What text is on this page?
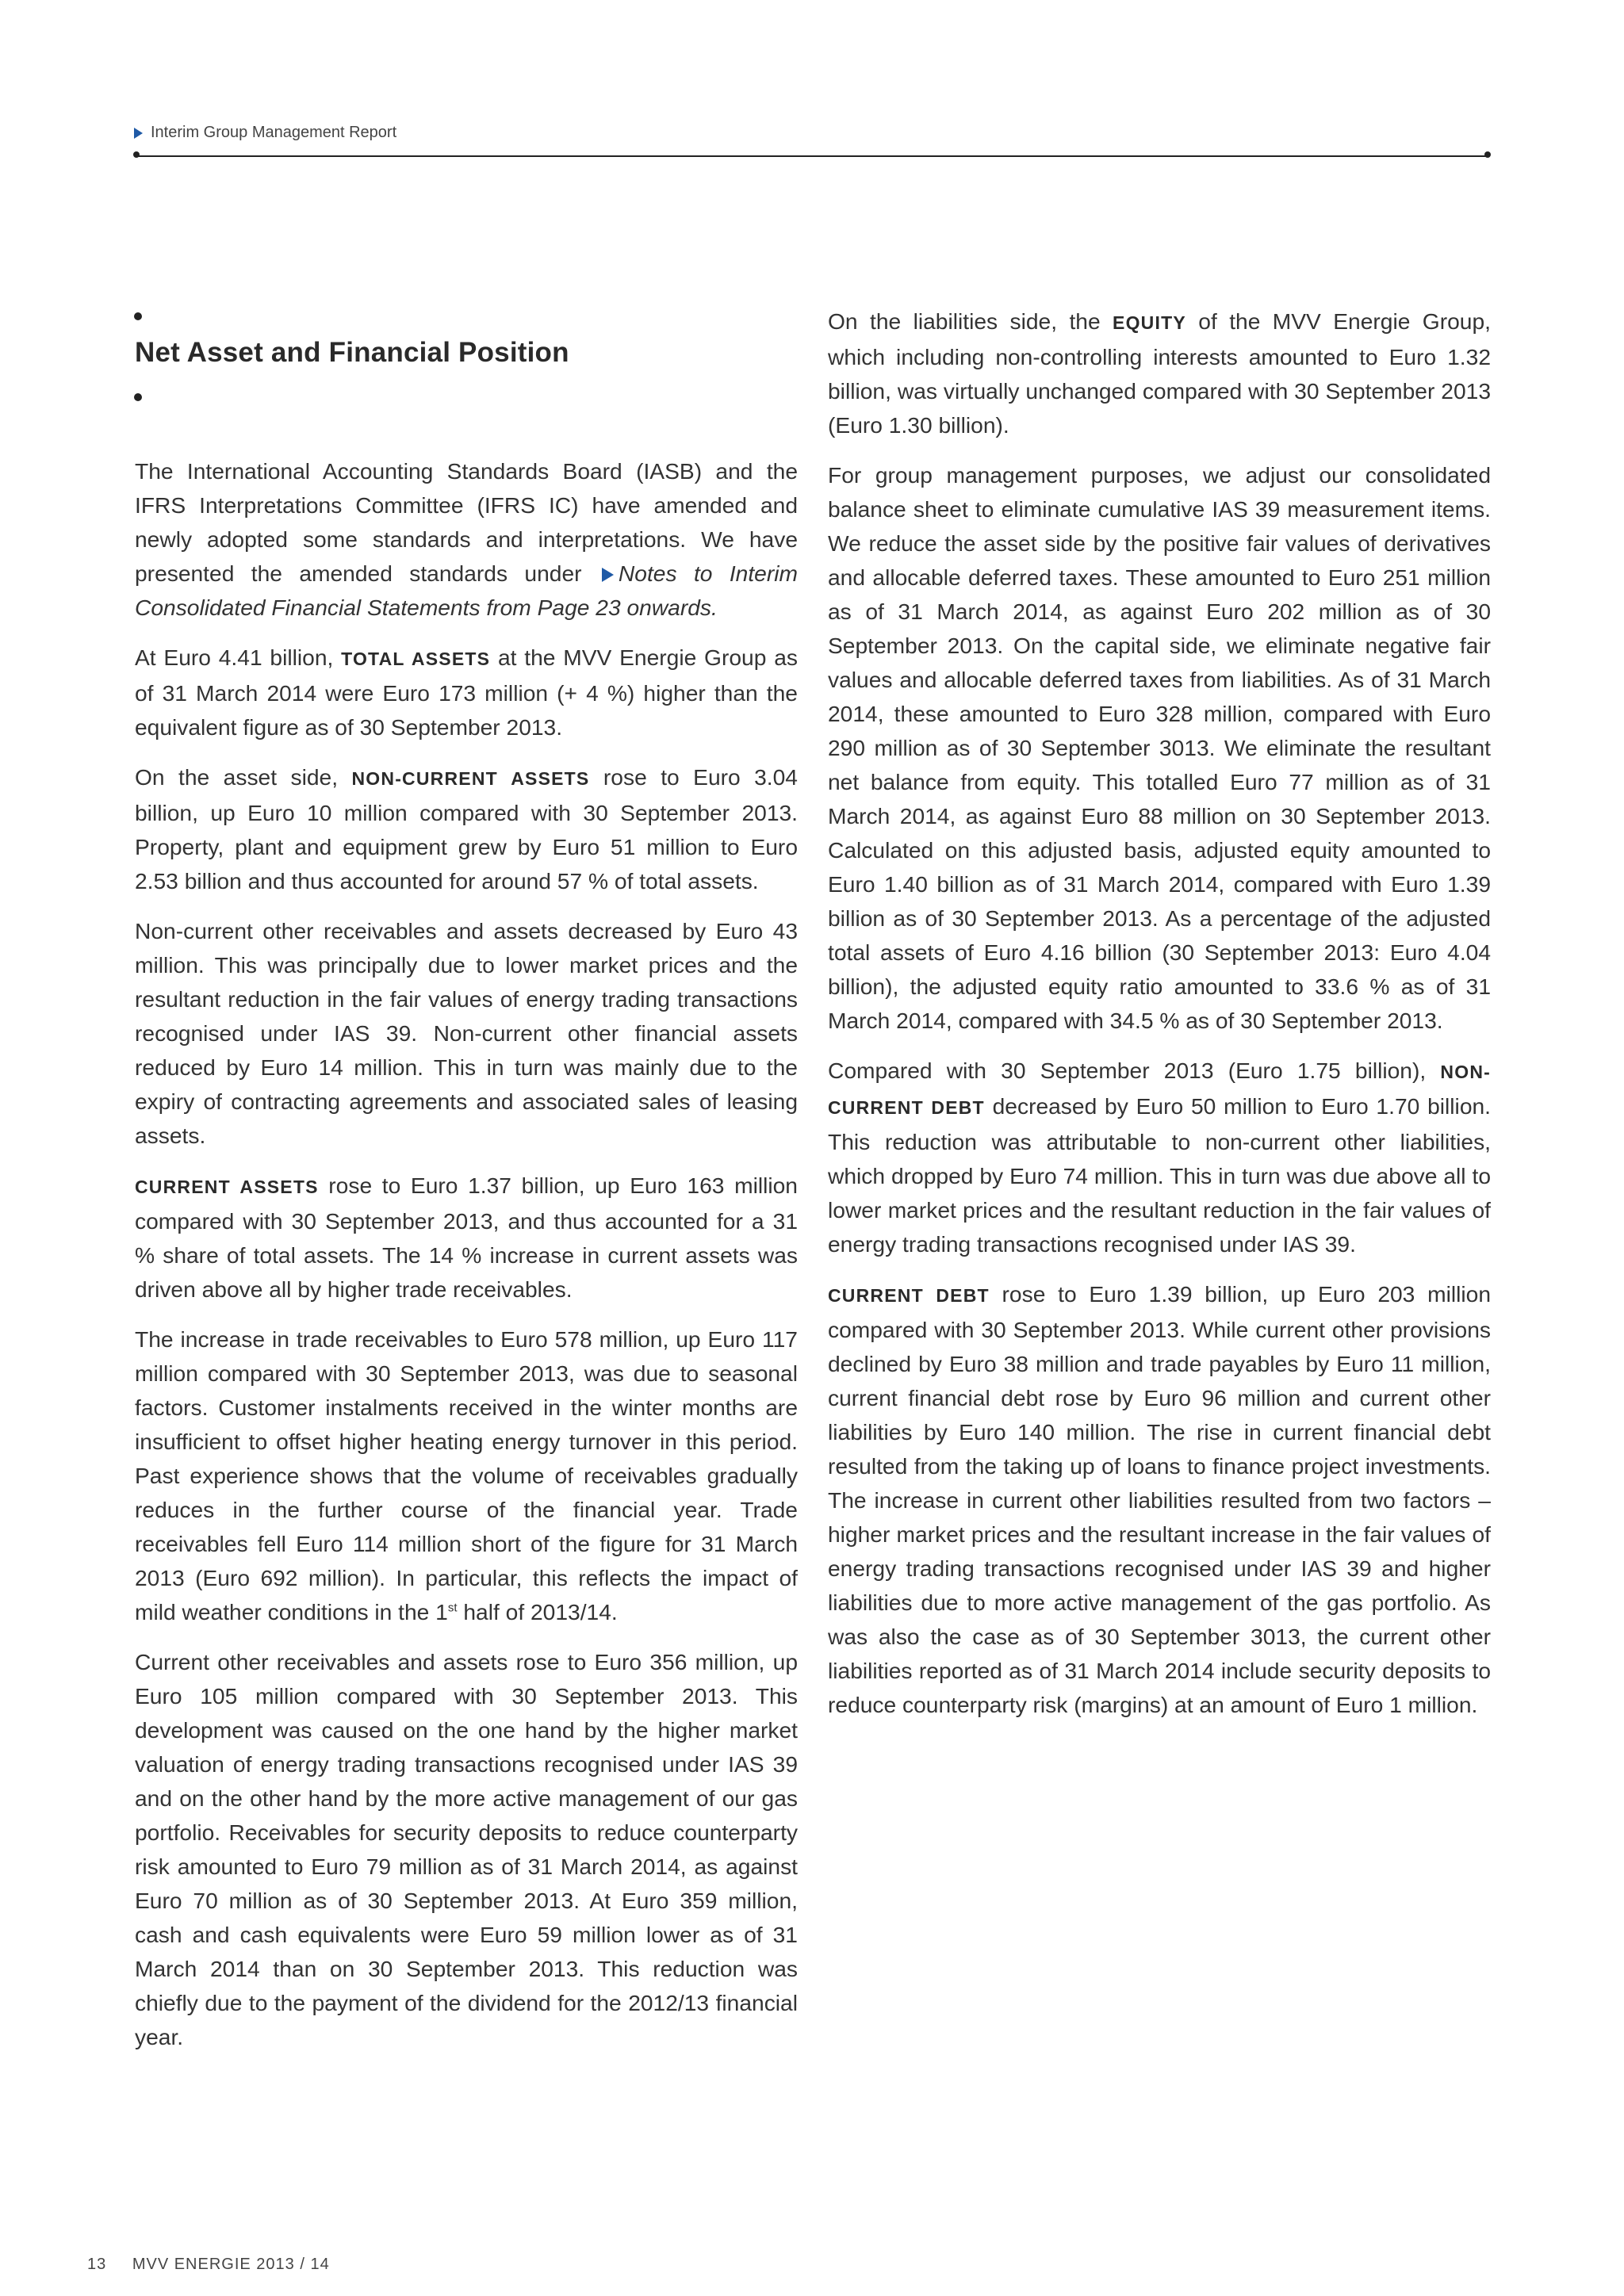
Interim Group Management Report
Net Asset and Financial Position

The International Accounting Standards Board (IASB) and the IFRS Interpretations Committee (IFRS IC) have amended and newly adopted some standards and interpretations. We have presented the amended standards under Notes to Interim Consolidated Financial Statements from Page 23 onwards.

At Euro 4.41 billion, TOTAL ASSETS at the MVV Energie Group as of 31 March 2014 were Euro 173 million (+ 4 %) higher than the equivalent figure as of 30 September 2013.

On the asset side, NON-CURRENT ASSETS rose to Euro 3.04 billion, up Euro 10 million compared with 30 September 2013. Property, plant and equipment grew by Euro 51 million to Euro 2.53 billion and thus accounted for around 57 % of total assets.

Non-current other receivables and assets decreased by Euro 43 million. This was principally due to lower market prices and the resultant reduction in the fair values of energy trading transactions recognised under IAS 39. Non-current other financial assets reduced by Euro 14 million. This in turn was mainly due to the expiry of contracting agreements and associated sales of leasing assets.

CURRENT ASSETS rose to Euro 1.37 billion, up Euro 163 million compared with 30 September 2013, and thus accounted for a 31 % share of total assets. The 14 % increase in current assets was driven above all by higher trade receivables.

The increase in trade receivables to Euro 578 million, up Euro 117 million compared with 30 September 2013, was due to seasonal factors. Customer instalments received in the winter months are insufficient to offset higher heating energy turnover in this period. Past experience shows that the volume of receivables gradually reduces in the further course of the financial year. Trade receivables fell Euro 114 million short of the figure for 31 March 2013 (Euro 692 million). In particular, this reflects the impact of mild weather conditions in the 1st half of 2013/14.

Current other receivables and assets rose to Euro 356 million, up Euro 105 million compared with 30 September 2013. This development was caused on the one hand by the higher market valuation of energy trading transactions recognised under IAS 39 and on the other hand by the more active management of our gas portfolio. Receivables for security deposits to reduce counterparty risk amounted to Euro 79 million as of 31 March 2014, as against Euro 70 million as of 30 September 2013. At Euro 359 million, cash and cash equivalents were Euro 59 million lower as of 31 March 2014 than on 30 September 2013. This reduction was chiefly due to the payment of the dividend for the 2012/13 financial year.

On the liabilities side, the EQUITY of the MVV Energie Group, which including non-controlling interests amounted to Euro 1.32 billion, was virtually unchanged compared with 30 September 2013 (Euro 1.30 billion).

For group management purposes, we adjust our consolidated balance sheet to eliminate cumulative IAS 39 measurement items. We reduce the asset side by the positive fair values of derivatives and allocable deferred taxes. These amounted to Euro 251 million as of 31 March 2014, as against Euro 202 million as of 30 September 2013. On the capital side, we eliminate negative fair values and allocable deferred taxes from liabilities. As of 31 March 2014, these amounted to Euro 328 million, compared with Euro 290 million as of 30 September 3013. We eliminate the resultant net balance from equity. This totalled Euro 77 million as of 31 March 2014, as against Euro 88 million on 30 September 2013. Calculated on this adjusted basis, adjusted equity amounted to Euro 1.40 billion as of 31 March 2014, compared with Euro 1.39 billion as of 30 September 2013. As a percentage of the adjusted total assets of Euro 4.16 billion (30 September 2013: Euro 4.04 billion), the adjusted equity ratio amounted to 33.6 % as of 31 March 2014, compared with 34.5 % as of 30 September 2013.

Compared with 30 September 2013 (Euro 1.75 billion), NON-CURRENT DEBT decreased by Euro 50 million to Euro 1.70 billion. This reduction was attributable to non-current other liabilities, which dropped by Euro 74 million. This in turn was due above all to lower market prices and the resultant reduction in the fair values of energy trading transactions recognised under IAS 39.

CURRENT DEBT rose to Euro 1.39 billion, up Euro 203 million compared with 30 September 2013. While current other provisions declined by Euro 38 million and trade payables by Euro 11 million, current financial debt rose by Euro 96 million and current other liabilities by Euro 140 million. The rise in current financial debt resulted from the taking up of loans to finance project investments. The increase in current other liabilities resulted from two factors – higher market prices and the resultant increase in the fair values of energy trading transactions recognised under IAS 39 and higher liabilities due to more active management of the gas portfolio. As was also the case as of 30 September 3013, the current other liabilities reported as of 31 March 2014 include security deposits to reduce counterparty risk (margins) at an amount of Euro 1 million.

13 MVV ENERGIE 2013 / 14
